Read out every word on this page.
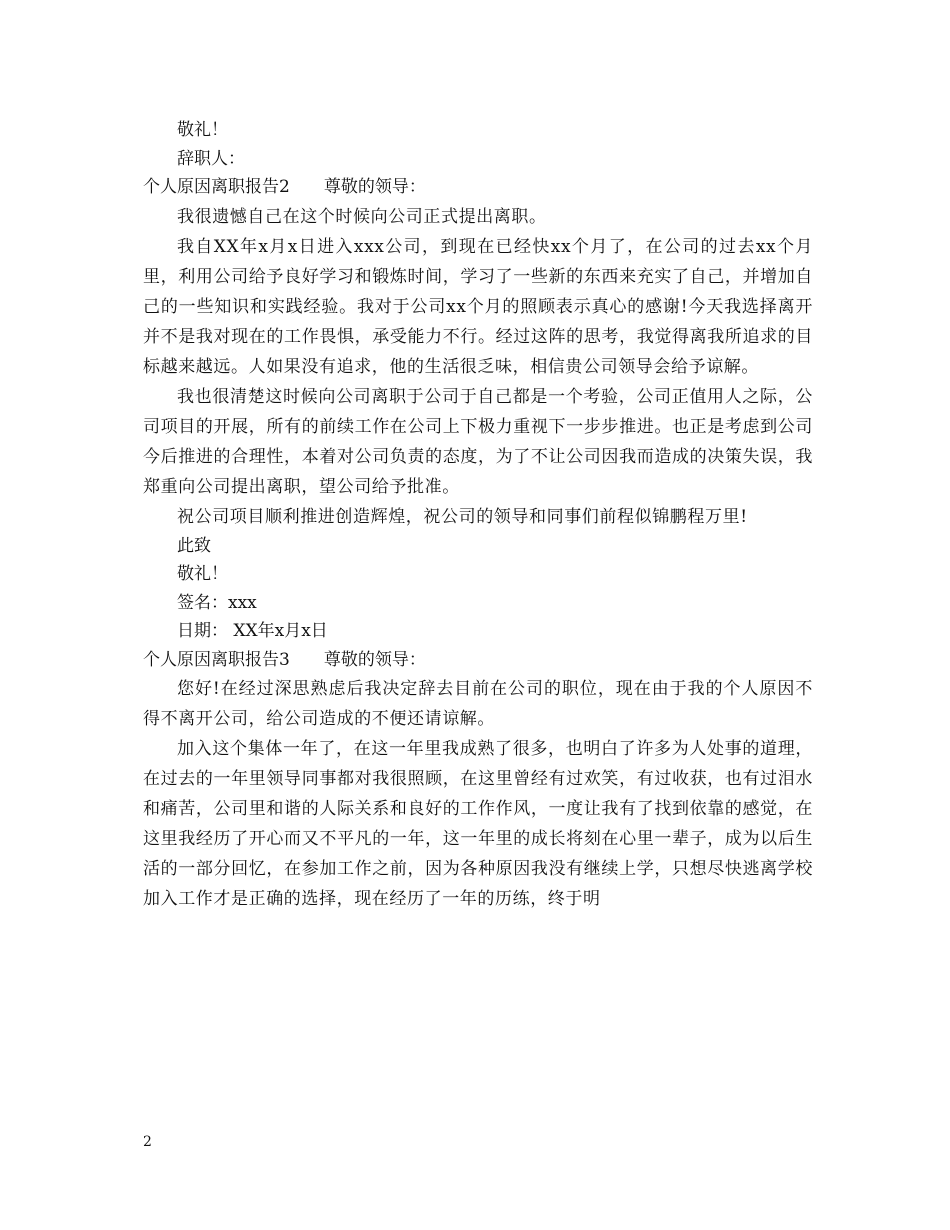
敬礼！

辞职人：

个人原因离职报告2 尊敬的领导：

我很遗憾自己在这个时候向公司正式提出离职。

我自XX年x月x日进入xxx公司，到现在已经快xx个月了，在公司的过去xx个月里，利用公司给予良好学习和锻炼时间，学习了一些新的东西来充实了自己，并增加自己的一些知识和实践经验。我对于公司xx个月的照顾表示真心的感谢!今天我选择离开并不是我对现在的工作畏惧，承受能力不行。经过这阵的思考，我觉得离我所追求的目标越来越远。人如果没有追求，他的生活很乏味，相信贵公司领导会给予谅解。

我也很清楚这时候向公司离职于公司于自己都是一个考验，公司正值用人之际，公司项目的开展，所有的前续工作在公司上下极力重视下一步步推进。也正是考虑到公司今后推进的合理性，本着对公司负责的态度，为了不让公司因我而造成的决策失误，我郑重向公司提出离职，望公司给予批准。

祝公司项目顺利推进创造辉煌，祝公司的领导和同事们前程似锦鹏程万里!

此致

敬礼！

签名：xxx

日期： XX年x月x日

个人原因离职报告3 尊敬的领导：

您好!在经过深思熟虑后我决定辞去目前在公司的职位，现在由于我的个人原因不得不离开公司，给公司造成的不便还请谅解。

加入这个集体一年了，在这一年里我成熟了很多，也明白了许多为人处事的道理，在过去的一年里领导同事都对我很照顾，在这里曾经有过欢笑，有过收获，也有过泪水和痛苦，公司里和谐的人际关系和良好的工作作风，一度让我有了找到依靠的感觉，在这里我经历了开心而又不平凡的一年，这一年里的成长将刻在心里一辈子，成为以后生活的一部分回忆，在参加工作之前，因为各种原因我没有继续上学，只想尽快逃离学校加入工作才是正确的选择，现在经历了一年的历练，终于明

2
